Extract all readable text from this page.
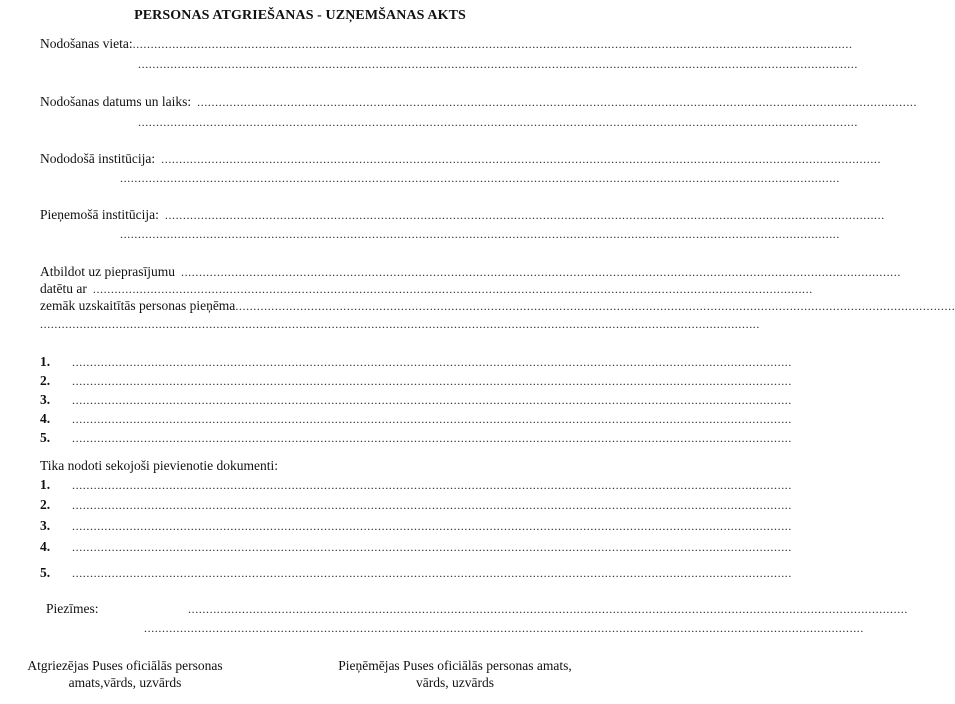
PERSONAS ATGRIEŠANAS - UZŅEMŠANAS AKTS
Nodošanas vieta: ........................................................................................................................................................................................................
........................................................................................................................................................................................................
Nodošanas datums un laiks: ........................................................................................................................................................................................................
........................................................................................................................................................................................................
Nododošā institūcija: ........................................................................................................................................................................................................
........................................................................................................................................................................................................
Pieņemošā institūcija: ........................................................................................................................................................................................................
........................................................................................................................................................................................................
Atbildot uz pieprasījumu ........................................................................................................................................................................................................
datētu ar ........................................................................................................................................................................................................
zemāk uzskaitītās personas pieņēma ........................................................................................................................................................................................................
........................................................................................................................................................................................................
1.	........................................................................................................................................................................................................
2.	........................................................................................................................................................................................................
3.	........................................................................................................................................................................................................
4.	........................................................................................................................................................................................................
5.	........................................................................................................................................................................................................
Tika nodoti sekojoši pievienotie dokumenti:
1.	........................................................................................................................................................................................................
2.	........................................................................................................................................................................................................
3.	........................................................................................................................................................................................................
4.	........................................................................................................................................................................................................
5.	........................................................................................................................................................................................................
Piezīmes:	........................................................................................................................................................................................................
........................................................................................................................................................................................................
Atgriezējas Puses oficiālās personas
amats,vārds, uzvārds
Pieņēmējas Puses oficiālās personas amats,
vārds, uzvārds
